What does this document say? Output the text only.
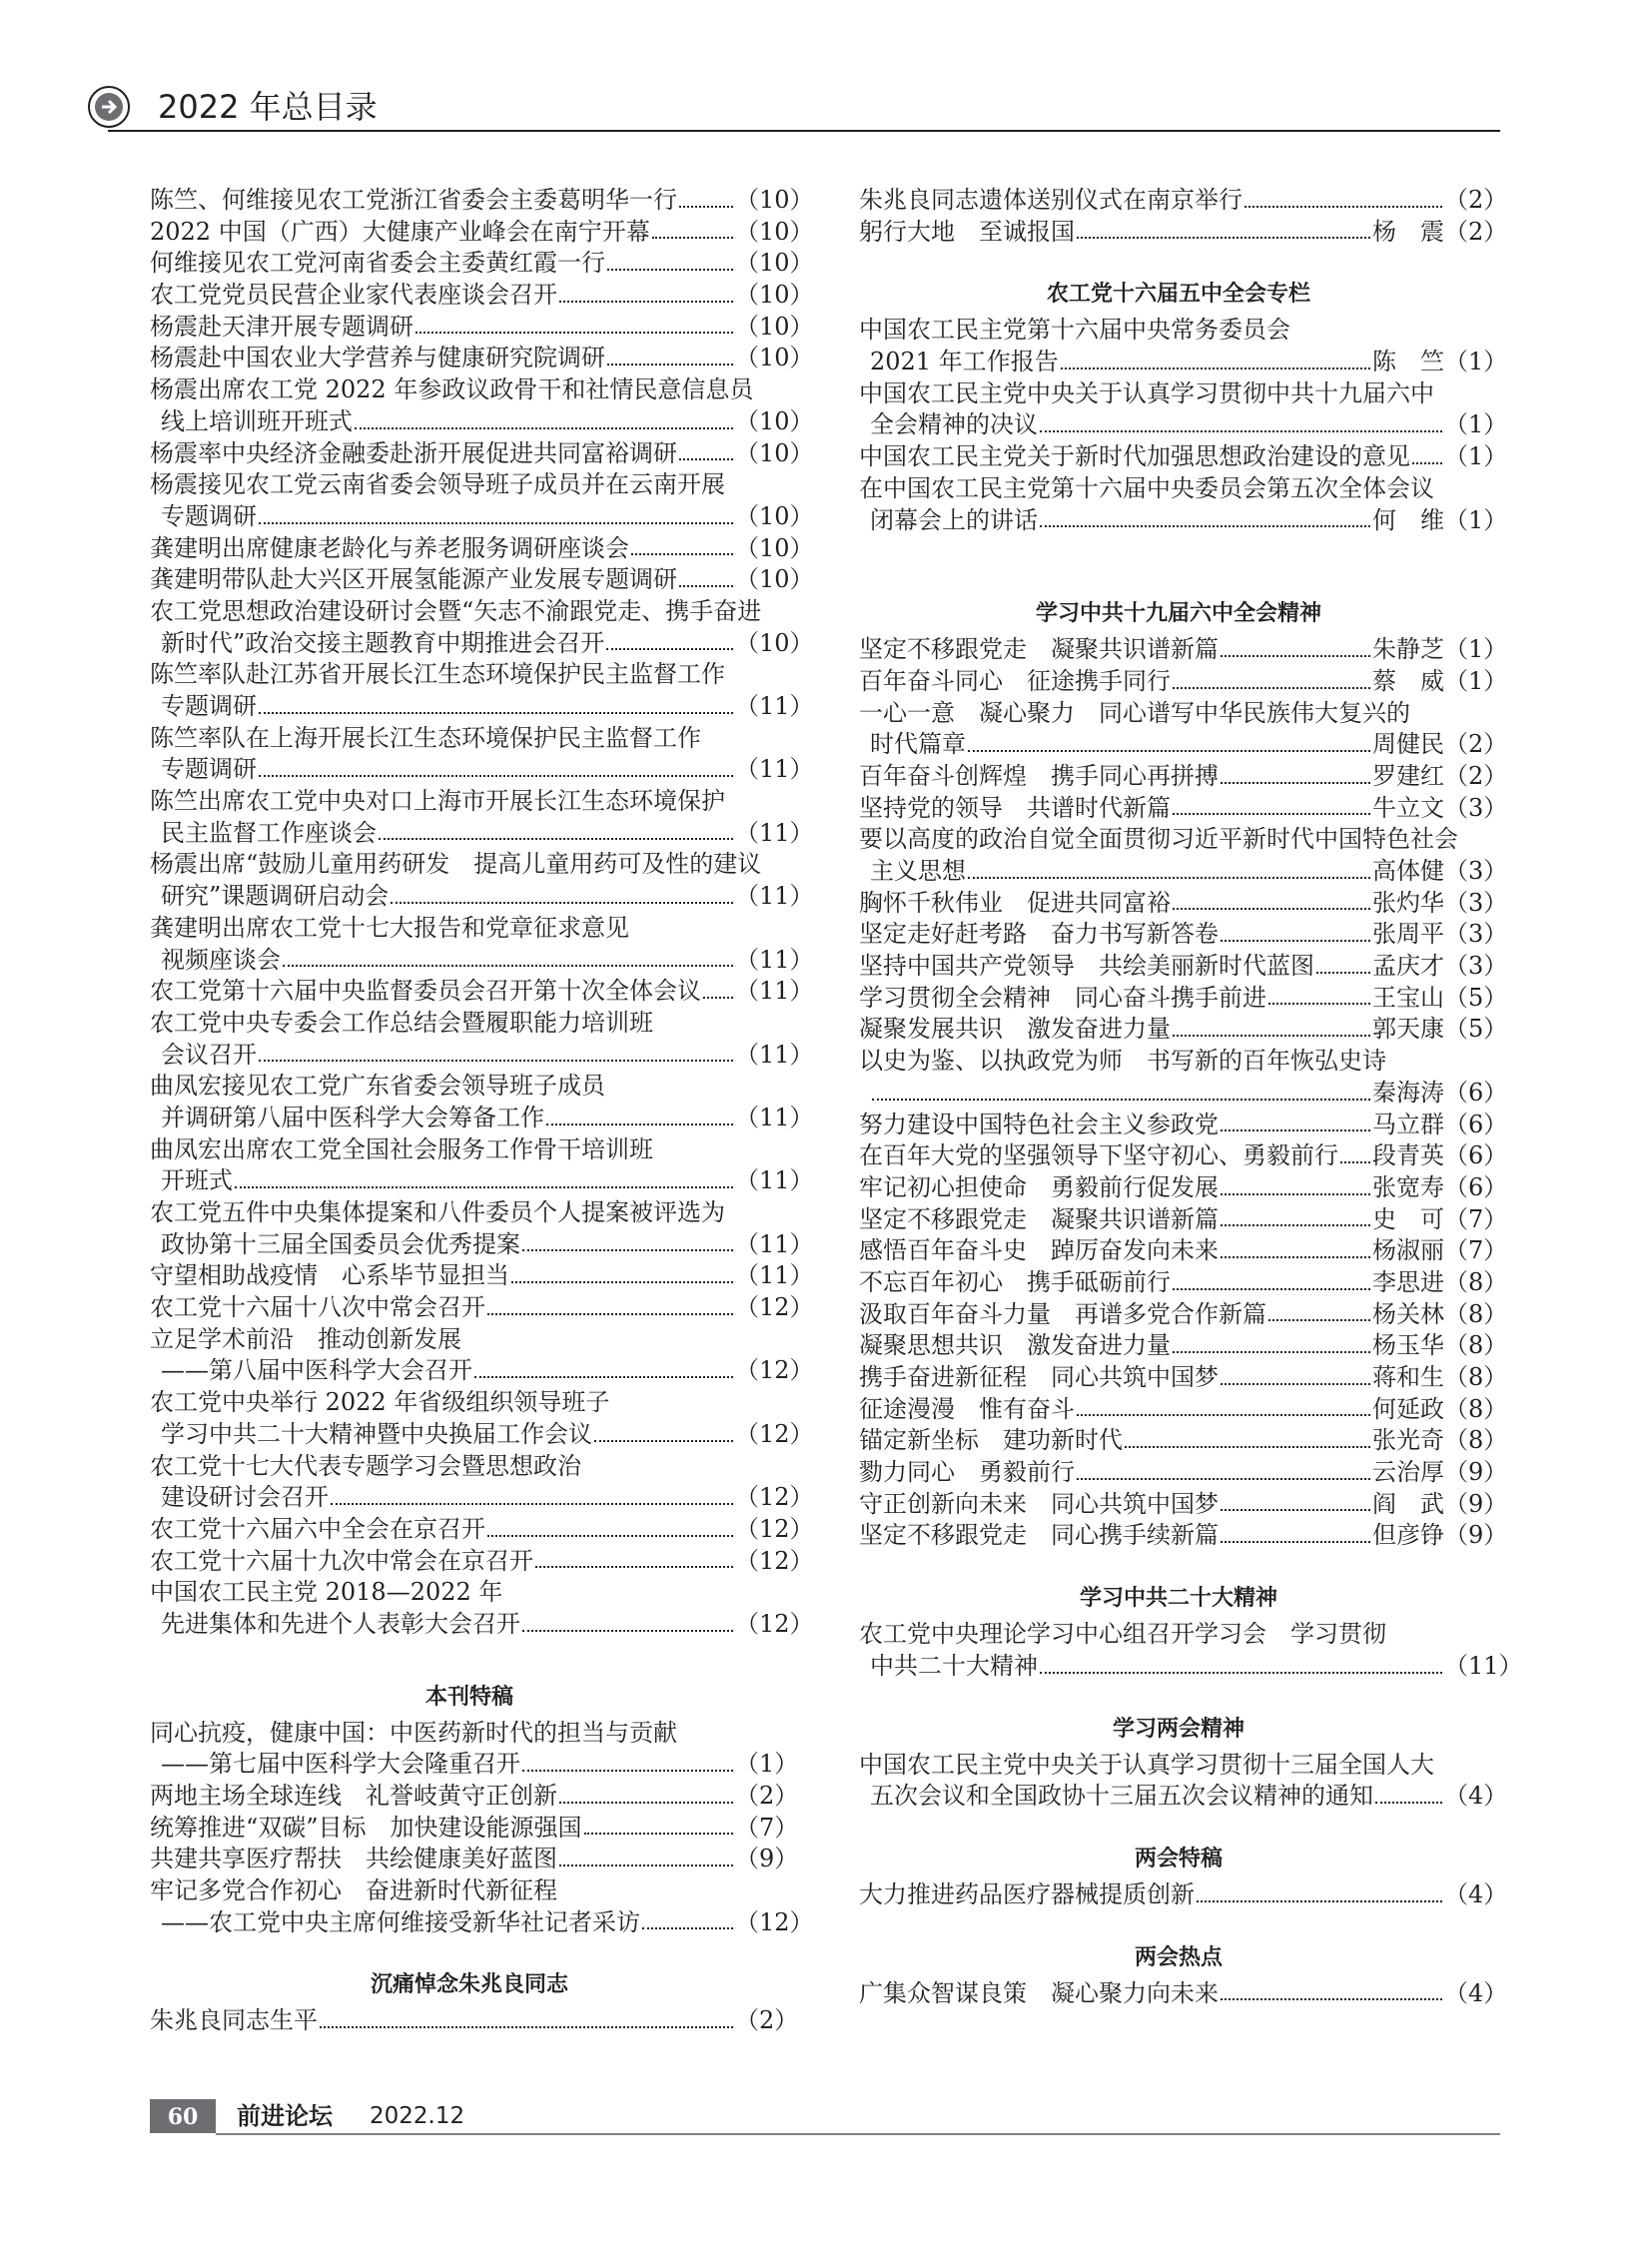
2022 年总目录
陈竺、何维接见农工党浙江省委会主委葛明华一行 （10）
2022 中国（广西）大健康产业峰会在南宁开幕	（10）
何维接见农工党河南省委会主委黄红霞一行	（10）
农工党党员民营企业家代表座谈会召开	（10）
杨震赴天津开展专题调研	（10）
杨震赴中国农业大学营养与健康研究院调研	（10）
杨震出席农工党 2022 年参政议政骨干和社情民意信息员
线上培训班开班式	（10）
杨震率中央经济金融委赴浙开展促进共同富裕调研 （10）
杨震接见农工党云南省委会领导班子成员并在云南开展
专题调研	（10）
龚建明出席健康老龄化与养老服务调研座谈会	（10）
龚建明带队赴大兴区开展氢能源产业发展专题调研 （10）
农工党思想政治建设研讨会暨“矢志不渝跟党走、携手奋进
新时代”政治交接主题教育中期推进会召开	（10）
陈竺率队赴江苏省开展长江生态环境保护民主监督工作
专题调研	（11）
陈竺率队在上海开展长江生态环境保护民主监督工作
专题调研	（11）
陈竺出席农工党中央对口上海市开展长江生态环境保护
民主监督工作座谈会	（11）
杨震出席“鼓励儿童用药研发　提高儿童用药可及性的建议
研究”课题调研启动会	（11）
龚建明出席农工党十七大报告和党章征求意见
视频座谈会	（11）
农工党第十六届中央监督委员会召开第十次全体会议 （11）
农工党中央专委会工作总结会暨履职能力培训班
会议召开	（11）
曲凤宏接见农工党广东省委会领导班子成员
并调研第八届中医科学大会筹备工作	（11）
曲凤宏出席农工党全国社会服务工作骨干培训班
开班式	（11）
农工党五件中央集体提案和八件委员个人提案被评选为
政协第十三届全国委员会优秀提案	（11）
守望相助战疫情　心系毕节显担当	（11）
农工党十六届十八次中常会召开	（12）
立足学术前沿　推动创新发展
——第八届中医科学大会召开	（12）
农工党中央举行 2022 年省级组织领导班子
学习中共二十大精神暨中央换届工作会议	（12）
农工党十七大代表专题学习会暨思想政治
建设研讨会召开	（12）
农工党十六届六中全会在京召开	（12）
农工党十六届十九次中常会在京召开	（12）
中国农工民主党 2018—2022 年
先进集体和先进个人表彰大会召开	（12）
本刊特稿
同心抗疫，健康中国：中医药新时代的担当与贡献
——第七届中医科学大会隆重召开	（1）
两地主场全球连线　礼誉岐黄守正创新	（2）
统筹推进“双碳”目标　加快建设能源强国	（7）
共建共享医疗帮扶　共绘健康美好蓝图	（9）
牢记多党合作初心　奋进新时代新征程
——农工党中央主席何维接受新华社记者采访	（12）
沉痛悼念朱兆良同志
朱兆良同志生平	（2）
朱兆良同志遗体送别仪式在南京举行	（2）
躬行大地　至诚报国	杨　震 （2）
农工党十六届五中全会专栏
中国农工民主党第十六届中央常务委员会
2021 年工作报告	陈　竺 （1）
中国农工民主党中央关于认真学习贯彻中共十九届六中
全会精神的决议	（1）
中国农工民主党关于新时代加强思想政治建设的意见 （1）
在中国农工民主党第十六届中央委员会第五次全体会议
闭幕会上的讲话	何　维 （1）
学习中共十九届六中全会精神
坚定不移跟党走　凝聚共识谱新篇	朱静芝 （1）
百年奋斗同心　征途携手同行	蔡　威 （1）
一心一意　凝心聚力　同心谱写中华民族伟大复兴的
时代篇章	周健民 （2）
百年奋斗创辉煌　携手同心再拼搏	罗建红 （2）
坚持党的领导　共谱时代新篇	牛立文 （3）
要以高度的政治自觉全面贯彻习近平新时代中国特色社会
主义思想	高体健 （3）
胸怀千秋伟业　促进共同富裕	张灼华 （3）
坚定走好赶考路　奋力书写新答卷	张周平 （3）
坚持中国共产党领导　共绘美丽新时代蓝图 孟庆才 （3）
学习贯彻全会精神　同心奋斗携手前进	王宝山 （5）
凝聚发展共识　激发奋进力量	郭天康 （5）
以史为鉴、以执政党为师　书写新的百年恢弘史诗
秦海涛 （6）
努力建设中国特色社会主义参政党	马立群 （6）
在百年大党的坚强领导下坚守初心、勇毅前行 段青英 （6）
牢记初心担使命　勇毅前行促发展	张宽寿 （6）
坚定不移跟党走　凝聚共识谱新篇	史　可 （7）
感悟百年奋斗史　踔厉奋发向未来	杨淑丽 （7）
不忘百年初心　携手砥砺前行	李思进 （8）
汲取百年奋斗力量　再谱多党合作新篇	杨关林 （8）
凝聚思想共识　激发奋进力量	杨玉华 （8）
携手奋进新征程　同心共筑中国梦	蒋和生 （8）
征途漫漫　惟有奋斗	何延政 （8）
锚定新坐标　建功新时代	张光奇 （8）
勠力同心　勇毅前行	云治厚 （9）
守正创新向未来　同心共筑中国梦	阎　武 （9）
坚定不移跟党走　同心携手续新篇	但彦铮 （9）
学习中共二十大精神
农工党中央理论学习中心组召开学习会　学习贯彻
中共二十大精神	（11）
学习两会精神
中国农工民主党中央关于认真学习贯彻十三届全国人大
五次会议和全国政协十三届五次会议精神的通知	（4）
两会特稿
大力推进药品医疗器械提质创新	（4）
两会热点
广集众智谋良策　凝心聚力向未来	（4）
60	前进论坛 2022.12
